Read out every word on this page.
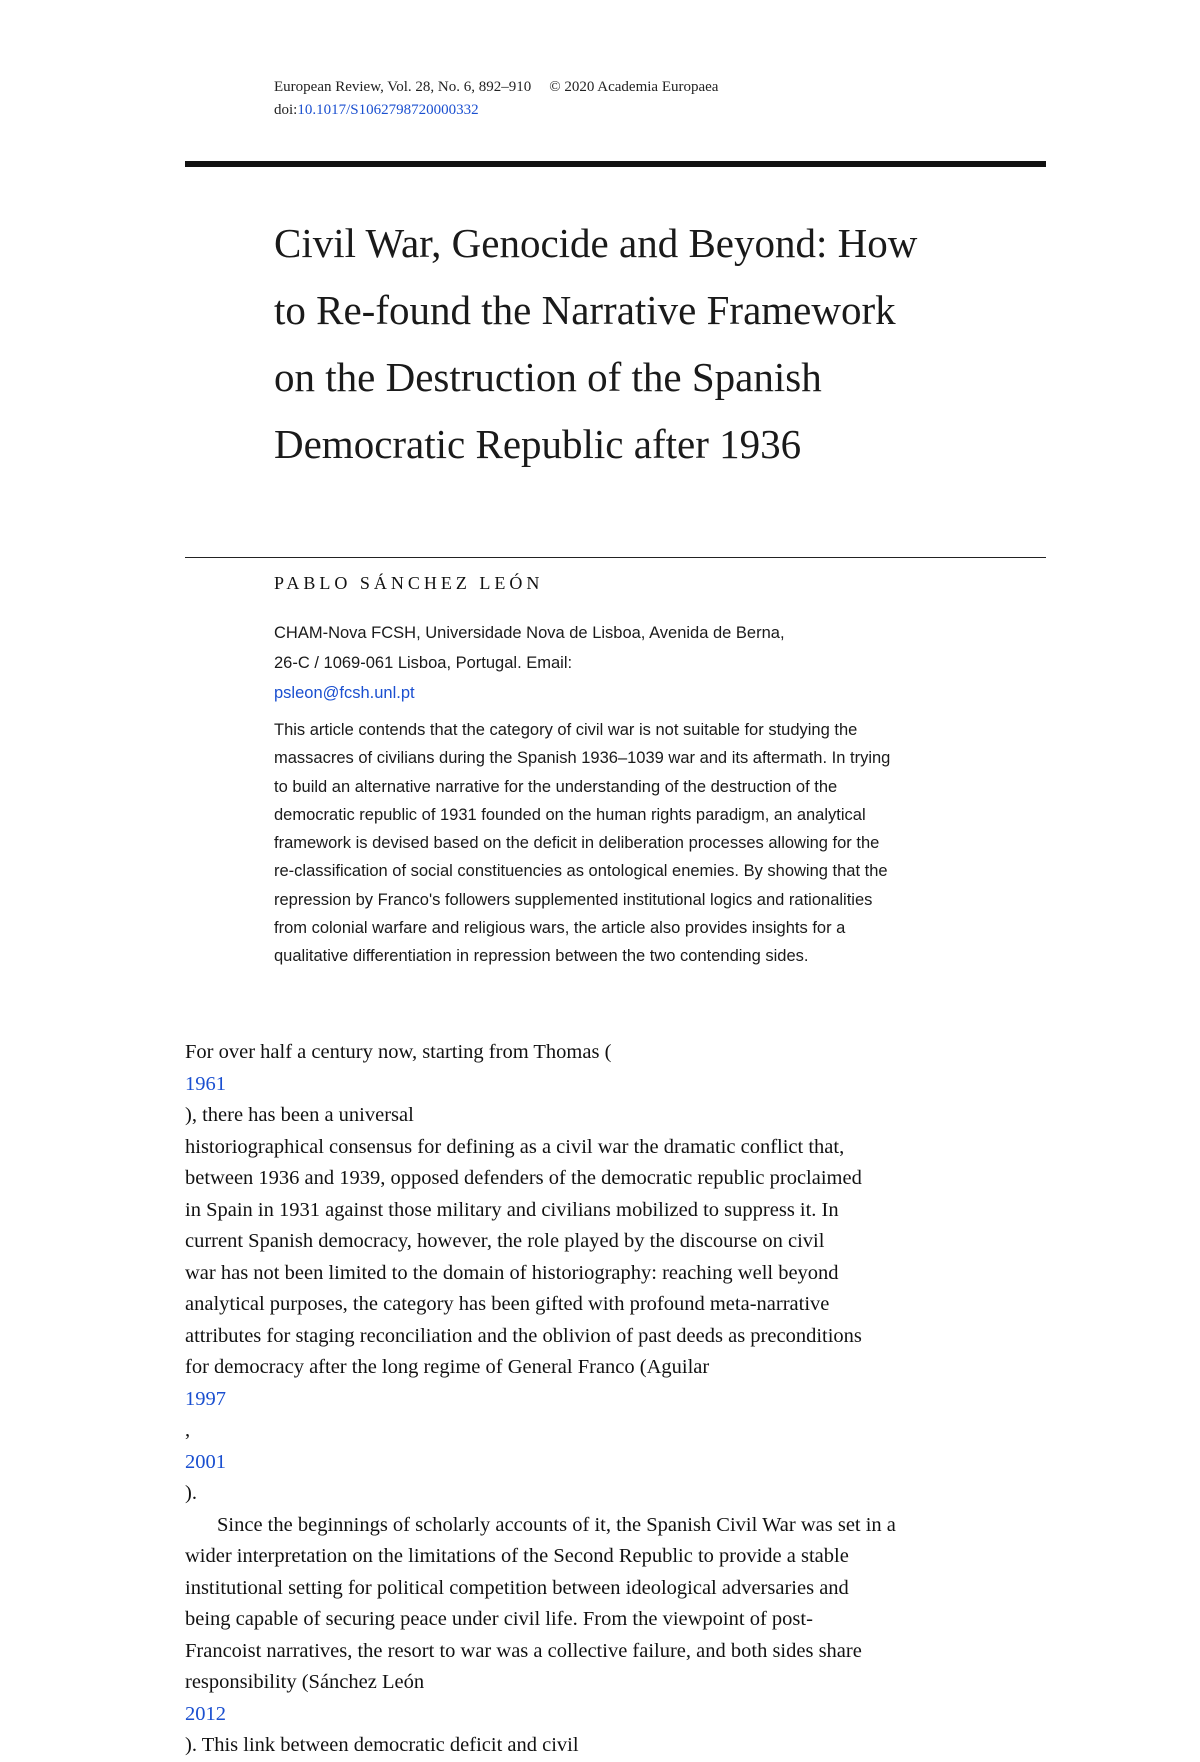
European Review, Vol. 28, No. 6, 892–910 © 2020 Academia Europaea
doi:10.1017/S1062798720000332
Civil War, Genocide and Beyond: How
to Re-found the Narrative Framework
on the Destruction of the Spanish
Democratic Republic after 1936
PABLO SÁNCHEZ LEÓN
CHAM-Nova FCSH, Universidade Nova de Lisboa, Avenida de Berna,
26-C / 1069-061 Lisboa, Portugal. Email:
psleon@fcsh.unl.pt
This article contends that the category of civil war is not suitable for studying the
massacres of civilians during the Spanish 1936–1039 war and its aftermath. In trying
to build an alternative narrative for the understanding of the destruction of the
democratic republic of 1931 founded on the human rights paradigm, an analytical
framework is devised based on the deficit in deliberation processes allowing for the
re-classification of social constituencies as ontological enemies. By showing that the
repression by Franco's followers supplemented institutional logics and rationalities
from colonial warfare and religious wars, the article also provides insights for a
qualitative differentiation in repression between the two contending sides.
For over half a century now, starting from Thomas (
1961
), there has been a universal
historiographical consensus for defining as a civil war the dramatic conflict that,
between 1936 and 1939, opposed defenders of the democratic republic proclaimed
in Spain in 1931 against those military and civilians mobilized to suppress it. In
current Spanish democracy, however, the role played by the discourse on civil
war has not been limited to the domain of historiography: reaching well beyond
analytical purposes, the category has been gifted with profound meta-narrative
attributes for staging reconciliation and the oblivion of past deeds as preconditions
for democracy after the long regime of General Franco (Aguilar
1997
,
2001
).
Since the beginnings of scholarly accounts of it, the Spanish Civil War was set in a
wider interpretation on the limitations of the Second Republic to provide a stable
institutional setting for political competition between ideological adversaries and
being capable of securing peace under civil life. From the viewpoint of post-
Francoist narratives, the resort to war was a collective failure, and both sides share
responsibility (Sánchez León
2012
). This link between democratic deficit and civil
